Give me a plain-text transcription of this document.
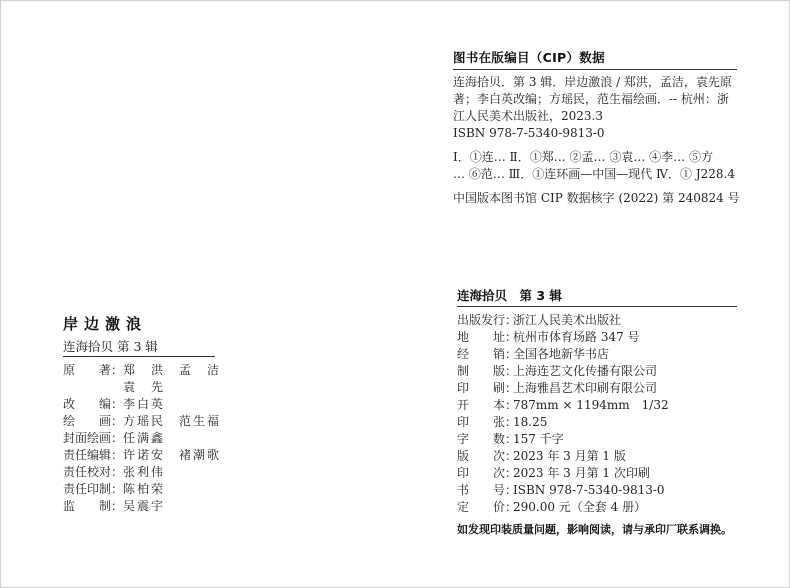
图书在版编目（CIP）数据
连海拾贝．第 3 辑．岸边激浪 / 郑洪，孟洁，袁先原
著；李白英改编；方瑶民，范生福绘画．-- 杭州：浙
江人民美术出版社，2023.3
ISBN 978-7-5340-9813-0
Ⅰ．①连… Ⅱ．①郑… ②孟… ③袁… ④李… ⑤方
… ⑥范… Ⅲ．①连环画—中国—现代 Ⅳ．① J228.4
中国版本图书馆 CIP 数据核字 (2022) 第 240824 号
岸边激浪
连海拾贝 第 3 辑
原　　著：郑　洪　孟　洁
袁　先
改　　编：李白英
绘　　画：方瑶民　范生福
封面绘画：任满鑫
责任编辑：许诺安　褚潮歌
责任校对：张利伟
责任印制：陈柏荣
监　　制：吴震宇
连海拾贝　第 3 辑
出版发行：浙江人民美术出版社
地　　址：杭州市体育场路 347 号
经　　销：全国各地新华书店
制　　版：上海连艺文化传播有限公司
印　　刷：上海雅昌艺术印刷有限公司
开　　本：787mm × 1194mm　1/32
印　　张：18.25
字　　数：157 千字
版　　次：2023 年 3 月第 1 版
印　　次：2023 年 3 月第 1 次印刷
书　　号：ISBN 978-7-5340-9813-0
定　　价：290.00 元（全套 4 册）
如发现印装质量问题，影响阅读，请与承印厂联系调换。
